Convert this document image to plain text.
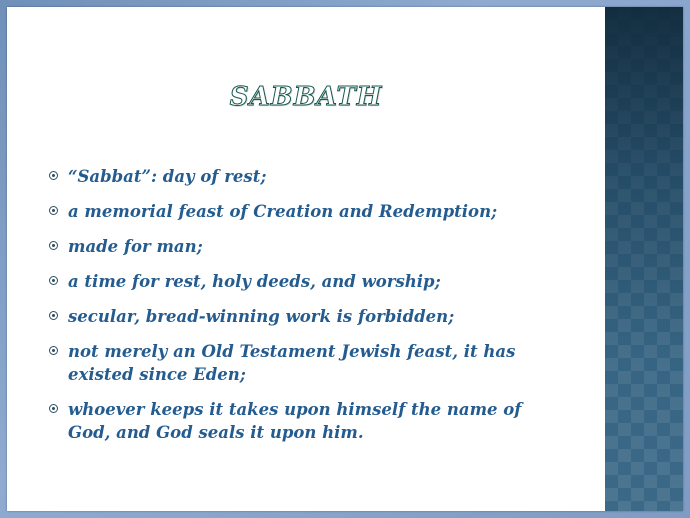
SABBATH
“Sabbat”: day of rest;
a memorial feast of Creation and Redemption;
made for man;
a time for rest, holy deeds, and worship;
secular, bread-winning work is forbidden;
not merely an Old Testament Jewish feast, it has existed since Eden;
whoever keeps it takes upon himself the name of God, and God seals it upon him.
